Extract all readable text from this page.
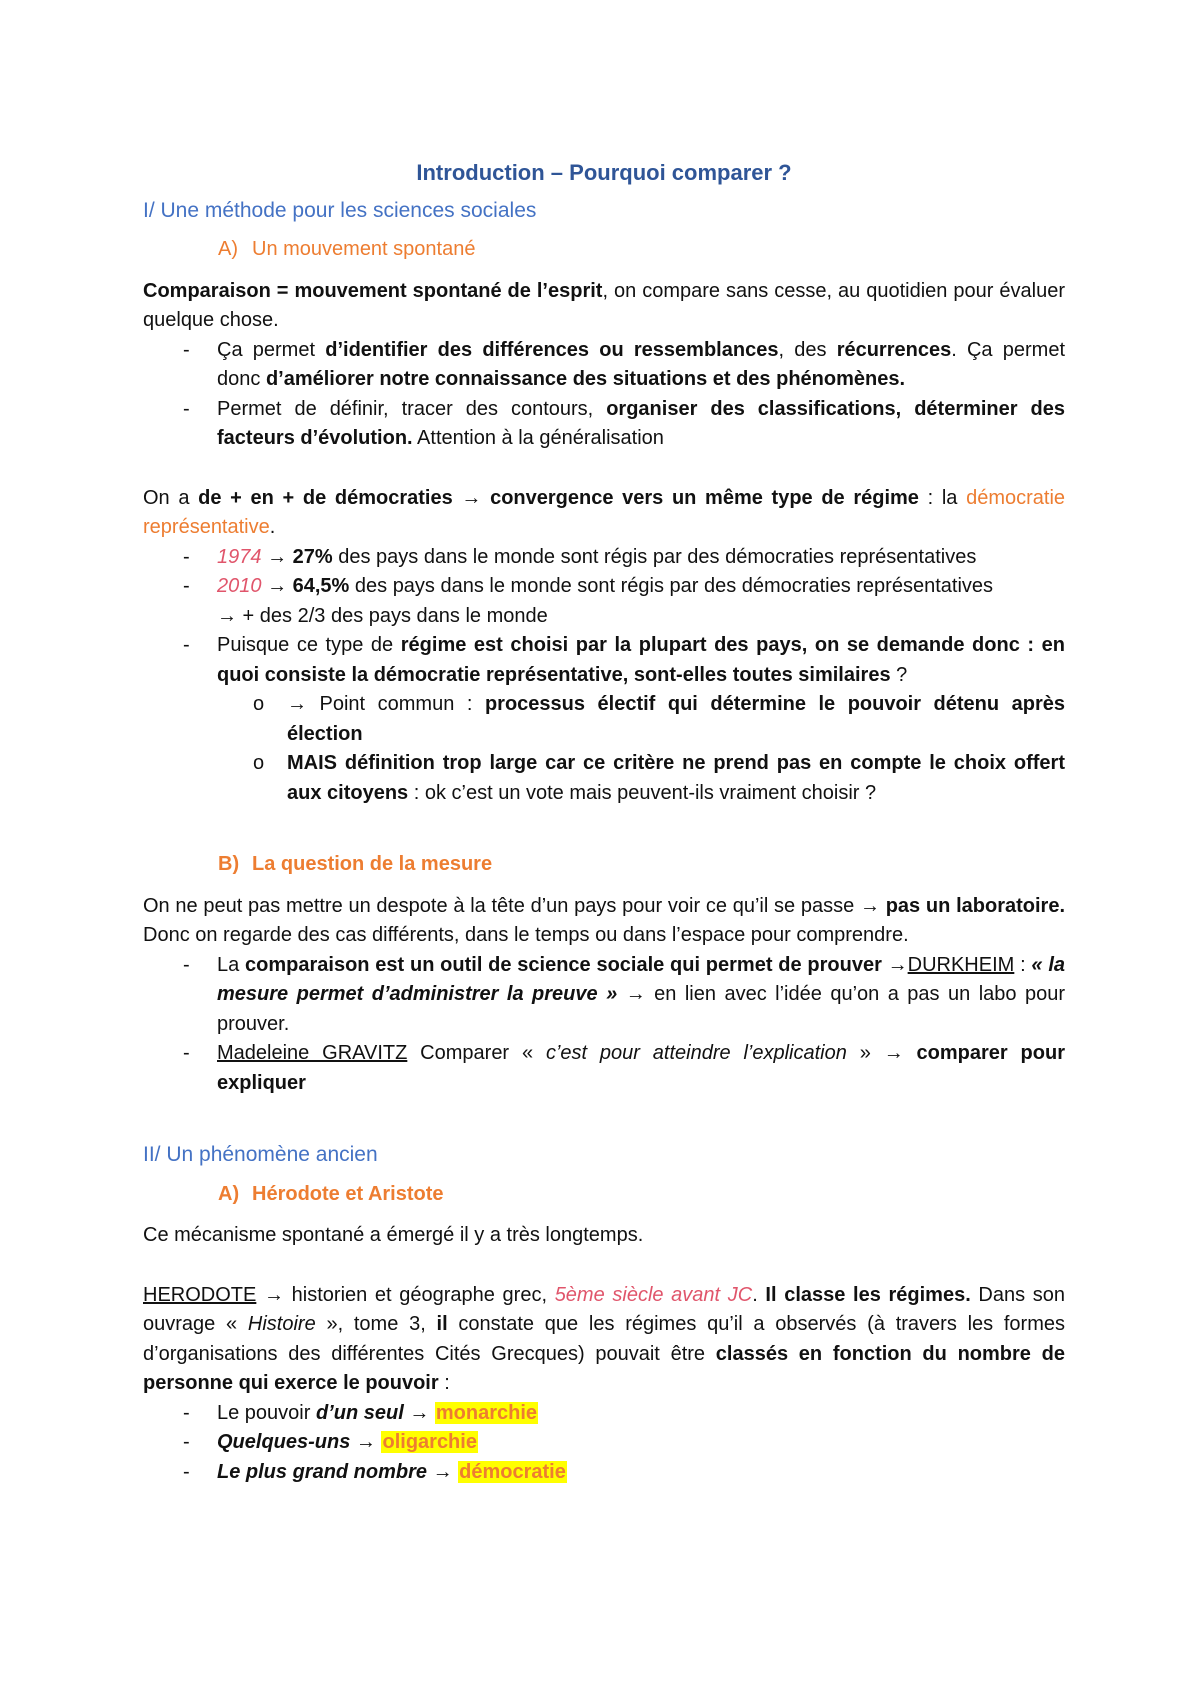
Introduction – Pourquoi comparer ?
I/ Une méthode pour les sciences sociales
A) Un mouvement spontané

Comparaison = mouvement spontané de l’esprit, on compare sans cesse, au quotidien pour évaluer quelque chose.

- Ça permet d’identifier des différences ou ressemblances, des récurrences. Ça permet donc d’améliorer notre connaissance des situations et des phénomènes.
- Permet de définir, tracer des contours, organiser des classifications, déterminer des facteurs d’évolution. Attention à la généralisation

On a de + en + de démocraties → convergence vers un même type de régime : la démocratie représentative.

- 1974 → 27% des pays dans le monde sont régis par des démocraties représentatives
- 2010 → 64,5% des pays dans le monde sont régis par des démocraties représentatives
→ + des 2/3 des pays dans le monde
- Puisque ce type de régime est choisi par la plupart des pays, on se demande donc : en quoi consiste la démocratie représentative, sont-elles toutes similaires ?
o → Point commun : processus électif qui détermine le pouvoir détenu après élection
o MAIS définition trop large car ce critère ne prend pas en compte le choix offert aux citoyens : ok c’est un vote mais peuvent-ils vraiment choisir ?
B) La question de la mesure

On ne peut pas mettre un despote à la tête d’un pays pour voir ce qu’il se passe → pas un laboratoire. Donc on regarde des cas différents, dans le temps ou dans l’espace pour comprendre.

- La comparaison est un outil de science sociale qui permet de prouver →DURKHEIM : « la mesure permet d’administrer la preuve » → en lien avec l’idée qu’on a pas un labo pour prouver.
- Madeleine GRAVITZ Comparer « c’est pour atteindre l’explication » → comparer pour expliquer
II/ Un phénomène ancien
A) Hérodote et Aristote

Ce mécanisme spontané a émergé il y a très longtemps.

HERODOTE → historien et géographe grec, 5ème siècle avant JC. Il classe les régimes. Dans son ouvrage « Histoire », tome 3, il constate que les régimes qu’il a observés (à travers les formes d’organisations des différentes Cités Grecques) pouvait être classés en fonction du nombre de personne qui exerce le pouvoir :

- Le pouvoir d’un seul → monarchie
- Quelques-uns → oligarchie
- Le plus grand nombre → démocratie
